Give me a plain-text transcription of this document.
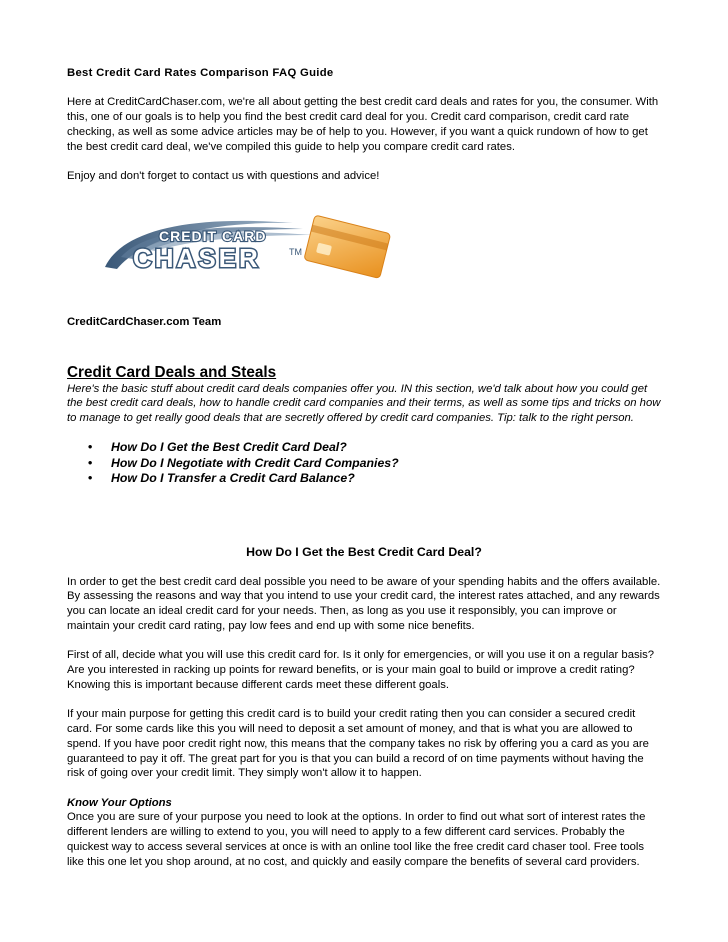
Best Credit Card Rates Comparison FAQ Guide

Here at CreditCardChaser.com, we're all about getting the best credit card deals and rates for you, the consumer. With this, one of our goals is to help you find the best credit card deal for you. Credit card comparison, credit card rate checking, as well as some advice articles may be of help to you. However, if you want a quick rundown of how to get the best credit card deal, we've compiled this guide to help you compare credit card rates.

Enjoy and don't forget to contact us with questions and advice!

CREDIT CARD
CHASER	TM

CreditCardChaser.com Team

Credit Card Deals and Steals

Here's the basic stuff about credit card deals companies offer you. IN this section, we'd talk about how you could get the best credit card deals, how to handle credit card companies and their terms, as well as some tips and tricks on how to manage to get really good deals that are secretly offered by credit card companies. Tip: talk to the right person.

• How Do I Get the Best Credit Card Deal?
• How Do I Negotiate with Credit Card Companies?
• How Do I Transfer a Credit Card Balance?

How Do I Get the Best Credit Card Deal?

In order to get the best credit card deal possible you need to be aware of your spending habits and the offers available. By assessing the reasons and way that you intend to use your credit card, the interest rates attached, and any rewards you can locate an ideal credit card for your needs. Then, as long as you use it responsibly, you can improve or maintain your credit card rating, pay low fees and end up with some nice benefits.

First of all, decide what you will use this credit card for. Is it only for emergencies, or will you use it on a regular basis? Are you interested in racking up points for reward benefits, or is your main goal to build or improve a credit rating? Knowing this is important because different cards meet these different goals.

If your main purpose for getting this credit card is to build your credit rating then you can consider a secured credit card. For some cards like this you will need to deposit a set amount of money, and that is what you are allowed to spend. If you have poor credit right now, this means that the company takes no risk by offering you a card as you are guaranteed to pay it off. The great part for you is that you can build a record of on time payments without having the risk of going over your credit limit. They simply won't allow it to happen.

Know Your Options

Once you are sure of your purpose you need to look at the options. In order to find out what sort of interest rates the different lenders are willing to extend to you, you will need to apply to a few different card services. Probably the quickest way to access several services at once is with an online tool like the free credit card chaser tool. Free tools like this one let you shop around, at no cost, and quickly and easily compare the benefits of several card providers.
